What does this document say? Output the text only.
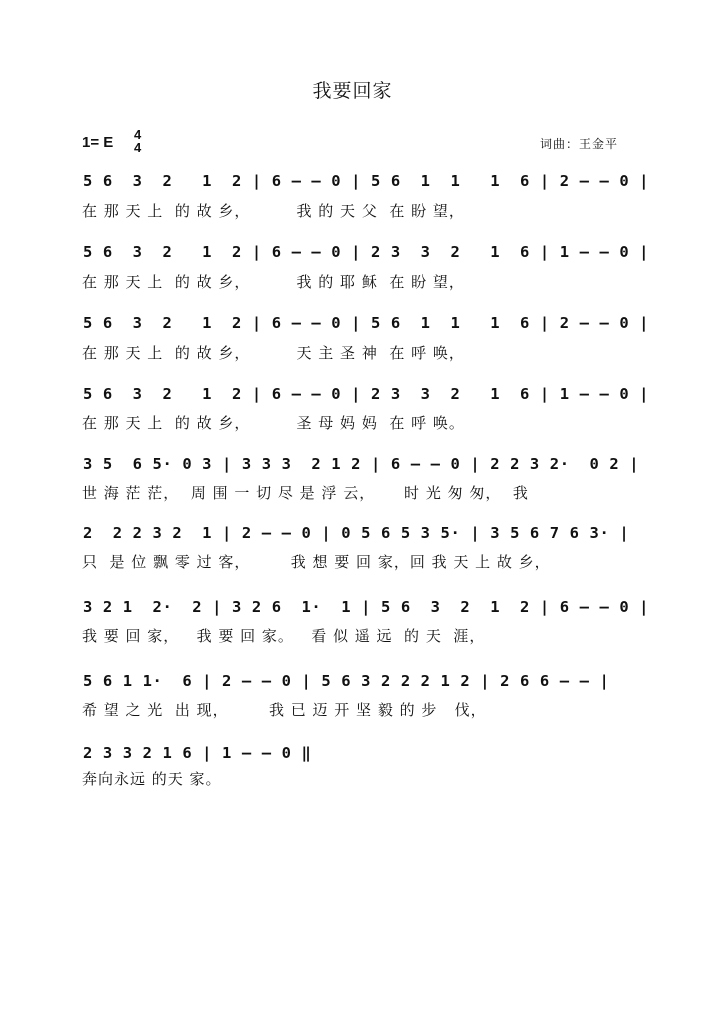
我要回家
1= E 4
4	词曲：王金平
5 6  3  2   1  2 | 6 – – 0 | 5 6  1  1   1  6 | 2 – – 0 |
在 那 天 上  的 故 乡，        我 的 天 父  在 盼 望，
5 6  3  2   1  2 | 6 – – 0 | 2 3  3  2   1  6 | 1 – – 0 |
在 那 天 上  的 故 乡，        我 的 耶 稣  在 盼 望，
5 6  3  2   1  2 | 6 – – 0 | 5 6  1  1   1  6 | 2 – – 0 |
在 那 天 上  的 故 乡，        天 主 圣 神  在 呼 唤，
5 6  3  2   1  2 | 6 – – 0 | 2 3  3  2   1  6 | 1 – – 0 |
在 那 天 上  的 故 乡，        圣 母 妈 妈  在 呼 唤。
3 5  6 5· 0 3 | 3 3 3  2 1 2 | 6 – – 0 | 2 2 3 2·  0 2 |
世 海 茫 茫，  周 围 一 切 尽 是 浮 云，     时 光 匆 匆，  我
2  2 2 3 2  1 | 2 – – 0 | 0 5 6 5 3 5· | 3 5 6 7 6 3· |
只  是 位 飘 零 过 客，       我 想 要 回 家，回 我 天 上 故 乡，
3 2 1  2·  2 | 3 2 6  1·  1 | 5 6  3  2  1  2 | 6 – – 0 |
我 要 回 家，   我 要 回 家。   看 似 遥 远  的 天  涯，
5 6 1 1·  6 | 2 – – 0 | 5 6 3 2 2 2 1 2 | 2 6 6 – – |
希 望 之 光  出 现，       我 已 迈 开 坚 毅 的 步   伐，
2 3 3 2 1 6 | 1 – – 0 ‖
奔向永远 的天 家。
